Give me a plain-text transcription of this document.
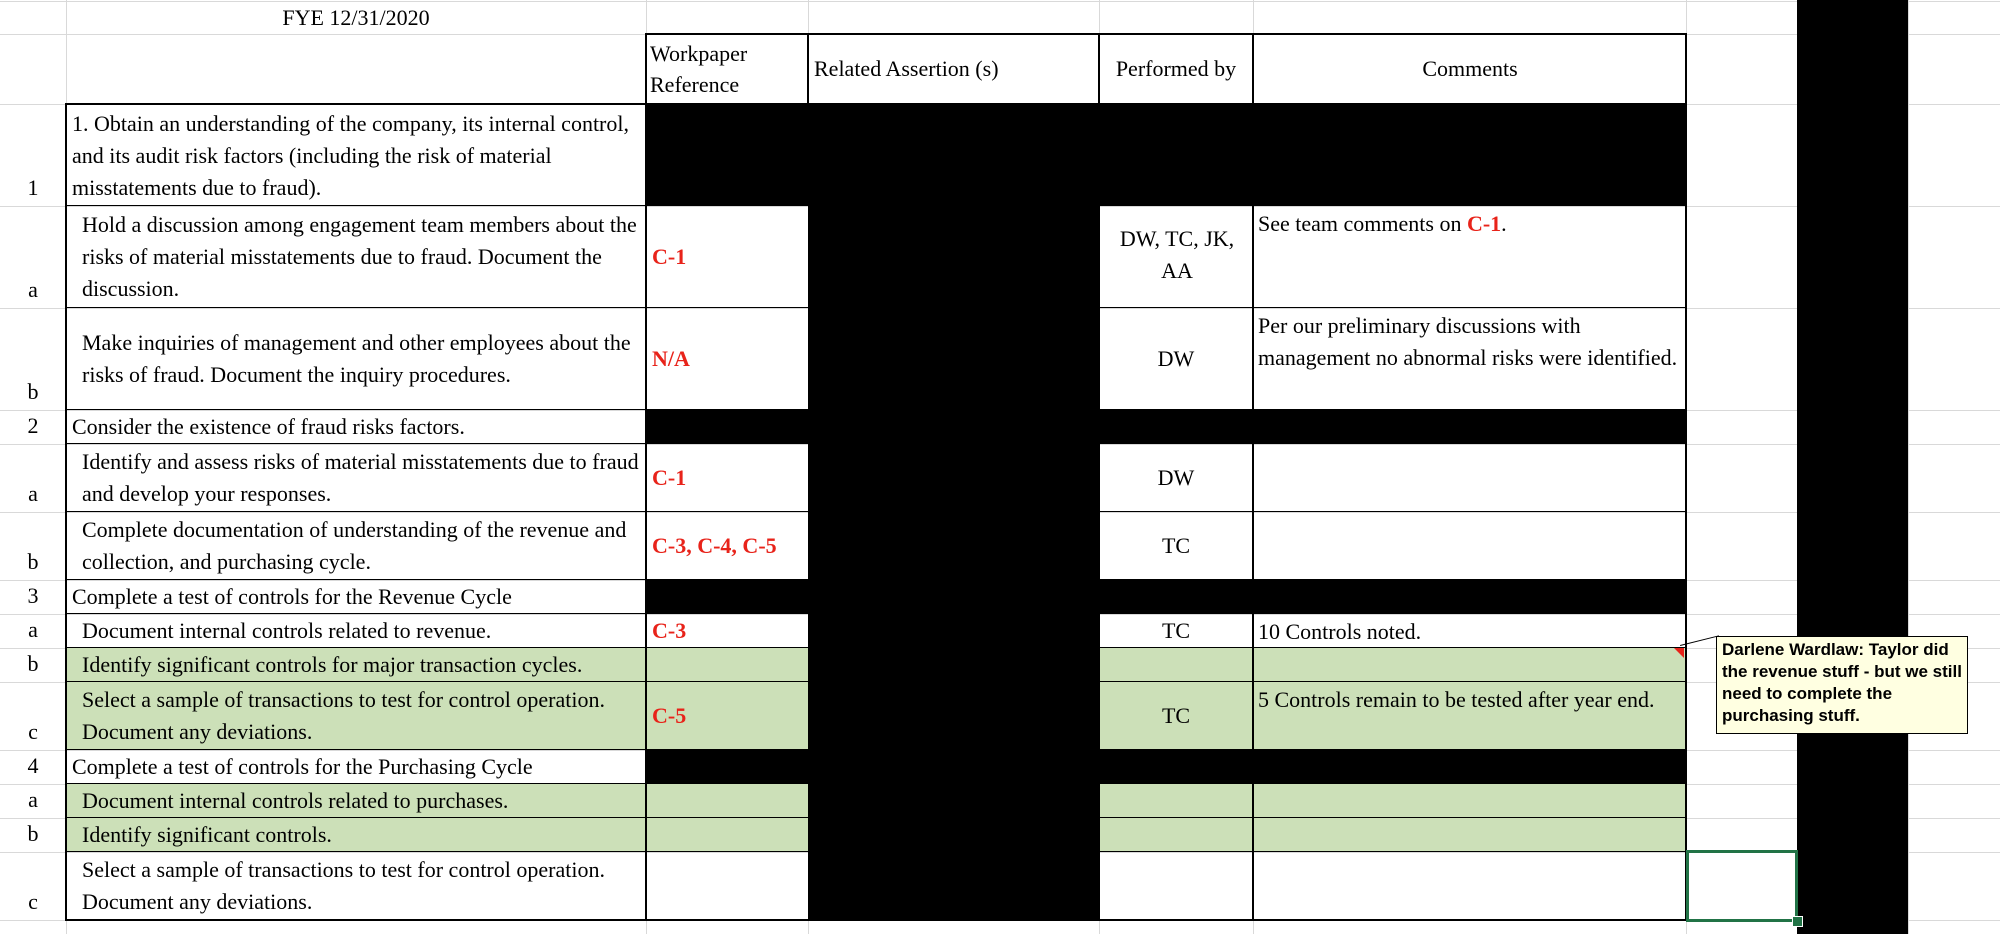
FYE 12/31/2020
Workpaper Reference
Related Assertion (s)	Performed by	Comments
1
a
b
2
a
b
3
a
b
c
4
a
b
c
1. Obtain an understanding of the company, its internal control, and its audit risk factors (including the risk of material misstatements due to fraud).
Hold a discussion among engagement team members about the risks of material misstatements due to fraud. Document the discussion.
Make inquiries of management and other employees about the risks of fraud. Document the inquiry procedures.
Consider the existence of fraud risks factors.
Identify and assess risks of material misstatements due to fraud and develop your responses.
Complete documentation of understanding of the revenue and collection, and purchasing cycle.
Complete a test of controls for the Revenue Cycle
Document internal controls related to revenue.
Identify significant controls for major transaction cycles.
Select a sample of transactions to test for control operation. Document any deviations.
Complete a test of controls for the Purchasing Cycle
Document internal controls related to purchases.
Identify significant controls.
Select a sample of transactions to test for control operation. Document any deviations.
C-1
N/A
C-1
C-3, C-4, C-5
C-3
C-5
DW, TC, JK, AA
DW
DW
TC
TC
TC
See team comments on C-1.
Per our preliminary discussions with management no abnormal risks were identified.
10 Controls noted.
5 Controls remain to be tested after year end.
Darlene Wardlaw: Taylor did the revenue stuff - but we still need to complete the purchasing stuff.
